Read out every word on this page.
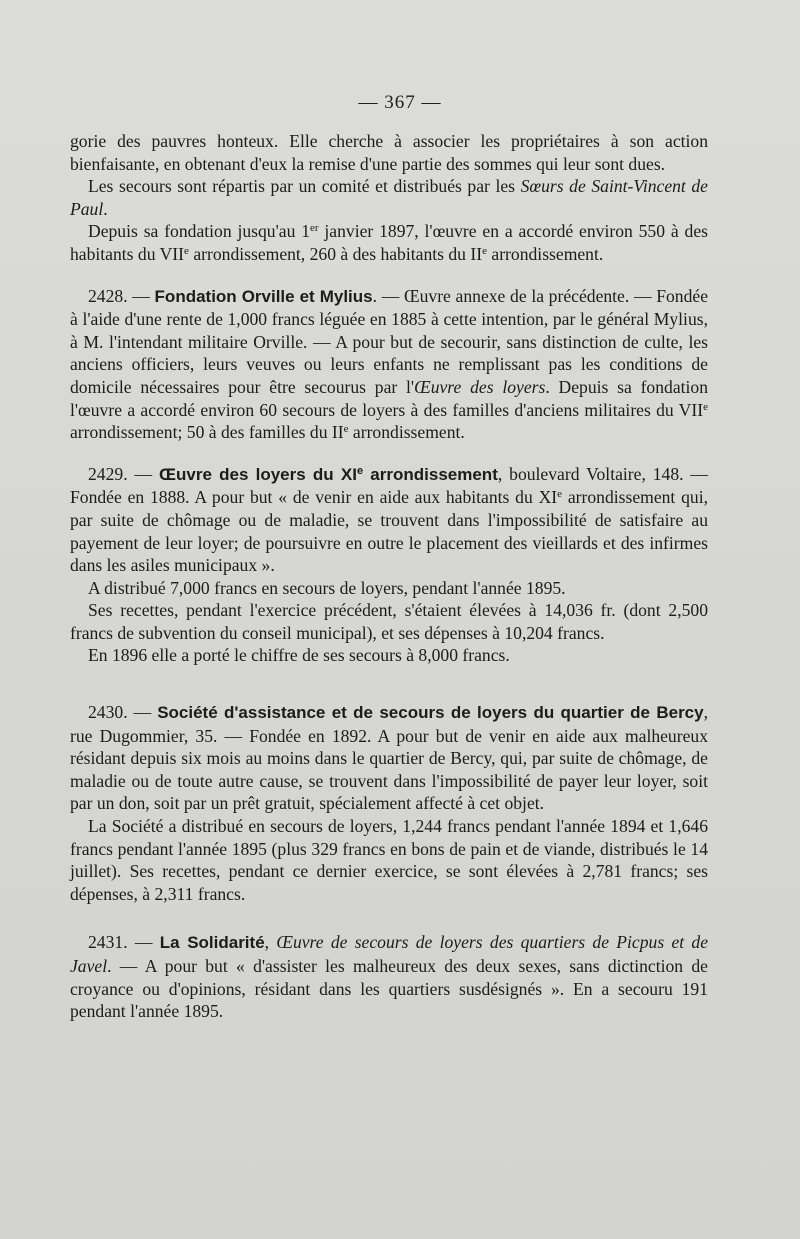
— 367 —

gorie des pauvres honteux. Elle cherche à associer les propriétaires à son action bienfaisante, en obtenant d'eux la remise d'une partie des sommes qui leur sont dues.

Les secours sont répartis par un comité et distribués par les Sœurs de Saint-Vincent de Paul.

Depuis sa fondation jusqu'au 1er janvier 1897, l'œuvre en a accordé environ 550 à des habitants du VIIe arrondissement, 260 à des habitants du IIe arrondissement.

2428. — Fondation Orville et Mylius. — Œuvre annexe de la précédente. — Fondée à l'aide d'une rente de 1,000 francs léguée en 1885 à cette intention, par le général Mylius, à M. l'intendant militaire Orville. — A pour but de secourir, sans distinction de culte, les anciens officiers, leurs veuves ou leurs enfants ne remplissant pas les conditions de domicile nécessaires pour être secourus par l'Œuvre des loyers. Depuis sa fondation l'œuvre a accordé environ 60 secours de loyers à des familles d'anciens militaires du VIIe arrondissement; 50 à des familles du IIe arrondissement.

2429. — Œuvre des loyers du XIe arrondissement, boulevard Voltaire, 148. — Fondée en 1888. A pour but « de venir en aide aux habitants du XIe arrondissement qui, par suite de chômage ou de maladie, se trouvent dans l'impossibilité de satisfaire au payement de leur loyer; de poursuivre en outre le placement des vieillards et des infirmes dans les asiles municipaux ».

A distribué 7,000 francs en secours de loyers, pendant l'année 1895.

Ses recettes, pendant l'exercice précédent, s'étaient élevées à 14,036 fr. (dont 2,500 francs de subvention du conseil municipal), et ses dépenses à 10,204 francs.

En 1896 elle a porté le chiffre de ses secours à 8,000 francs.

2430. — Société d'assistance et de secours de loyers du quartier de Bercy, rue Dugommier, 35. — Fondée en 1892. A pour but de venir en aide aux malheureux résidant depuis six mois au moins dans le quartier de Bercy, qui, par suite de chômage, de maladie ou de toute autre cause, se trouvent dans l'impossibilité de payer leur loyer, soit par un don, soit par un prêt gratuit, spécialement affecté à cet objet.

La Société a distribué en secours de loyers, 1,244 francs pendant l'année 1894 et 1,646 francs pendant l'année 1895 (plus 329 francs en bons de pain et de viande, distribués le 14 juillet). Ses recettes, pendant ce dernier exercice, se sont élevées à 2,781 francs; ses dépenses, à 2,311 francs.

2431. — La Solidarité, Œuvre de secours de loyers des quartiers de Picpus et de Javel. — A pour but « d'assister les malheureux des deux sexes, sans dictinction de croyance ou d'opinions, résidant dans les quartiers susdésignés ». En a secouru 191 pendant l'année 1895.
